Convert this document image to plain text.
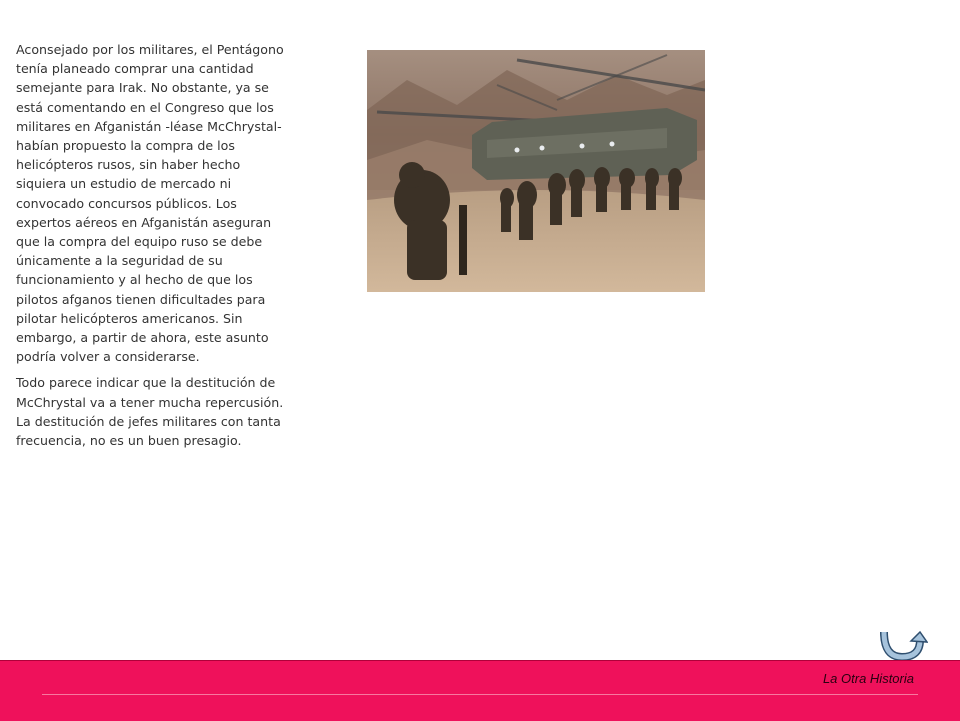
Aconsejado por los militares, el Pentágono tenía planeado comprar una cantidad semejante para Irak. No obstante, ya se está comentando en el Congreso que los militares en Afganistán -léase McChrystal- habían propuesto la compra de los helicópteros rusos, sin haber hecho siquiera un estudio de mercado ni convocado concursos públicos. Los expertos aéreos en Afganistán aseguran que la compra del equipo ruso se debe únicamente a la seguridad de su funcionamiento y al hecho de que los pilotos afganos tienen dificultades para pilotar helicópteros americanos. Sin embargo, a partir de ahora, este asunto podría volver a considerarse.

Todo parece indicar que la destitución de McChrystal va a tener mucha repercusión. La destitución de jefes militares con tanta frecuencia, no es un buen presagio.

La Otra Historia
